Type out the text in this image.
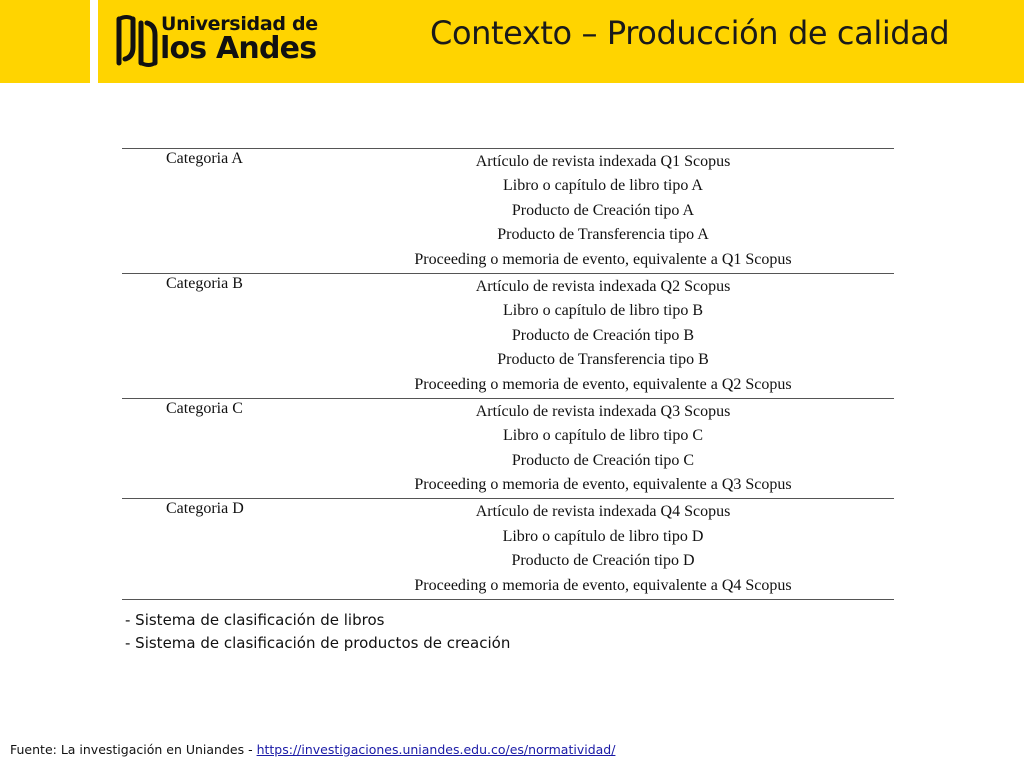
Universidad de
los Andes	Contexto – Producción de calidad
Categoria A	Artículo de revista indexada Q1 Scopus
Libro o capítulo de libro tipo A
Producto de Creación tipo A
Producto de Transferencia tipo A
Proceeding o memoria de evento, equivalente a Q1 Scopus
Categoria B	Artículo de revista indexada Q2 Scopus
Libro o capítulo de libro tipo B
Producto de Creación tipo B
Producto de Transferencia tipo B
Proceeding o memoria de evento, equivalente a Q2 Scopus
Categoria C	Artículo de revista indexada Q3 Scopus
Libro o capítulo de libro tipo C
Producto de Creación tipo C
Proceeding o memoria de evento, equivalente a Q3 Scopus
Categoria D	Artículo de revista indexada Q4 Scopus
Libro o capítulo de libro tipo D
Producto de Creación tipo D
Proceeding o memoria de evento, equivalente a Q4 Scopus
- Sistema de clasificación de libros
- Sistema de clasificación de productos de creación
Fuente: La investigación en Uniandes - https://investigaciones.uniandes.edu.co/es/normatividad/
